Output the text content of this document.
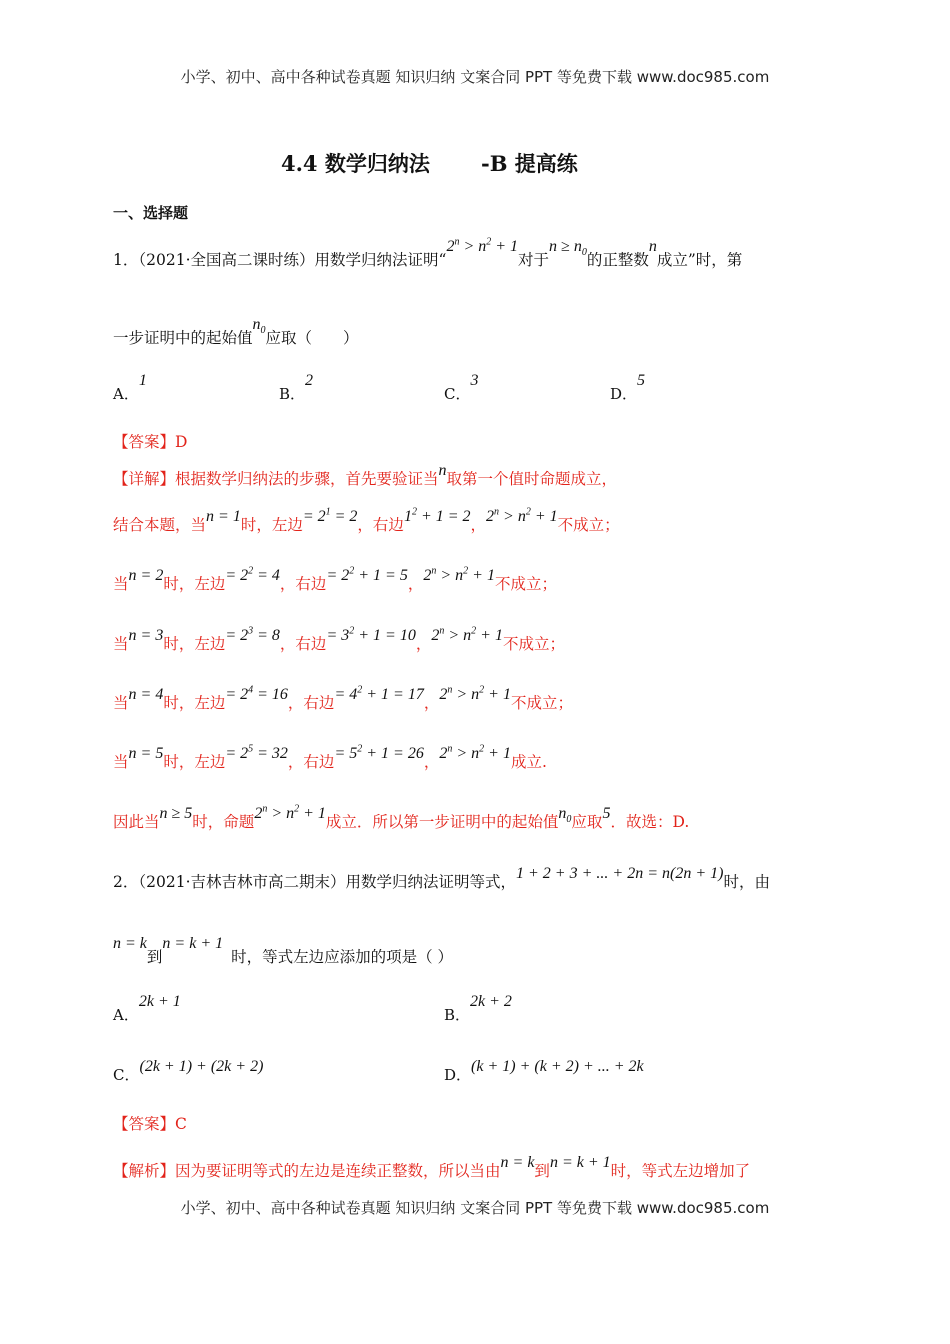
小学、初中、高中各种试卷真题 知识归纳 文案合同 PPT 等免费下载 www.doc985.com
4.4 数学归纳法 -B 提高练
一、选择题
1．（2021·全国高二课时练）用数学归纳法证明“$2^n > n^2 + 1$对于$n \ge n_0$的正整数n成立”时，第
一步证明中的起始值$n_0$应取（　　）
A．1
B．2
C．3
D．5
【答案】D
【详解】根据数学归纳法的步骤，首先要验证当n取第一个值时命题成立，
结合本题，当n = 1时，左边= $2^1 = 2$，右边$1^2 + 1 = 2$，$2^n > n^2 + 1$不成立；
当n = 2时，左边= $2^2 = 4$，右边= $2^2 + 1 = 5$，$2^n > n^2 + 1$不成立；
当n = 3时，左边= $2^3 = 8$，右边= $3^2 + 1 = 10$，$2^n > n^2 + 1$不成立；
当n = 4时，左边= $2^4 = 16$，右边= $4^2 + 1 = 17$，$2^n > n^2 + 1$不成立；
当n = 5时，左边= $2^5 = 32$，右边= $5^2 + 1 = 26$，$2^n > n^2 + 1$成立.
因此当n ≥ 5时，命题$2^n > n^2 + 1$成立．所以第一步证明中的起始值$n_0$应取5．故选：D.
2．（2021·吉林吉林市高二期末）用数学归纳法证明等式，1 + 2 + 3 + ... + 2n = n(2n + 1)时，由
n = k到n = k + 1时，等式左边应添加的项是（ ）
A．2k + 1
B．2k + 2
C．(2k + 1) + (2k + 2)	D．(k + 1) + (k + 2) + ... + 2k
【答案】C
【解析】因为要证明等式的左边是连续正整数，所以当由n = k到n = k + 1时，等式左边增加了
小学、初中、高中各种试卷真题 知识归纳 文案合同 PPT 等免费下载 www.doc985.com
